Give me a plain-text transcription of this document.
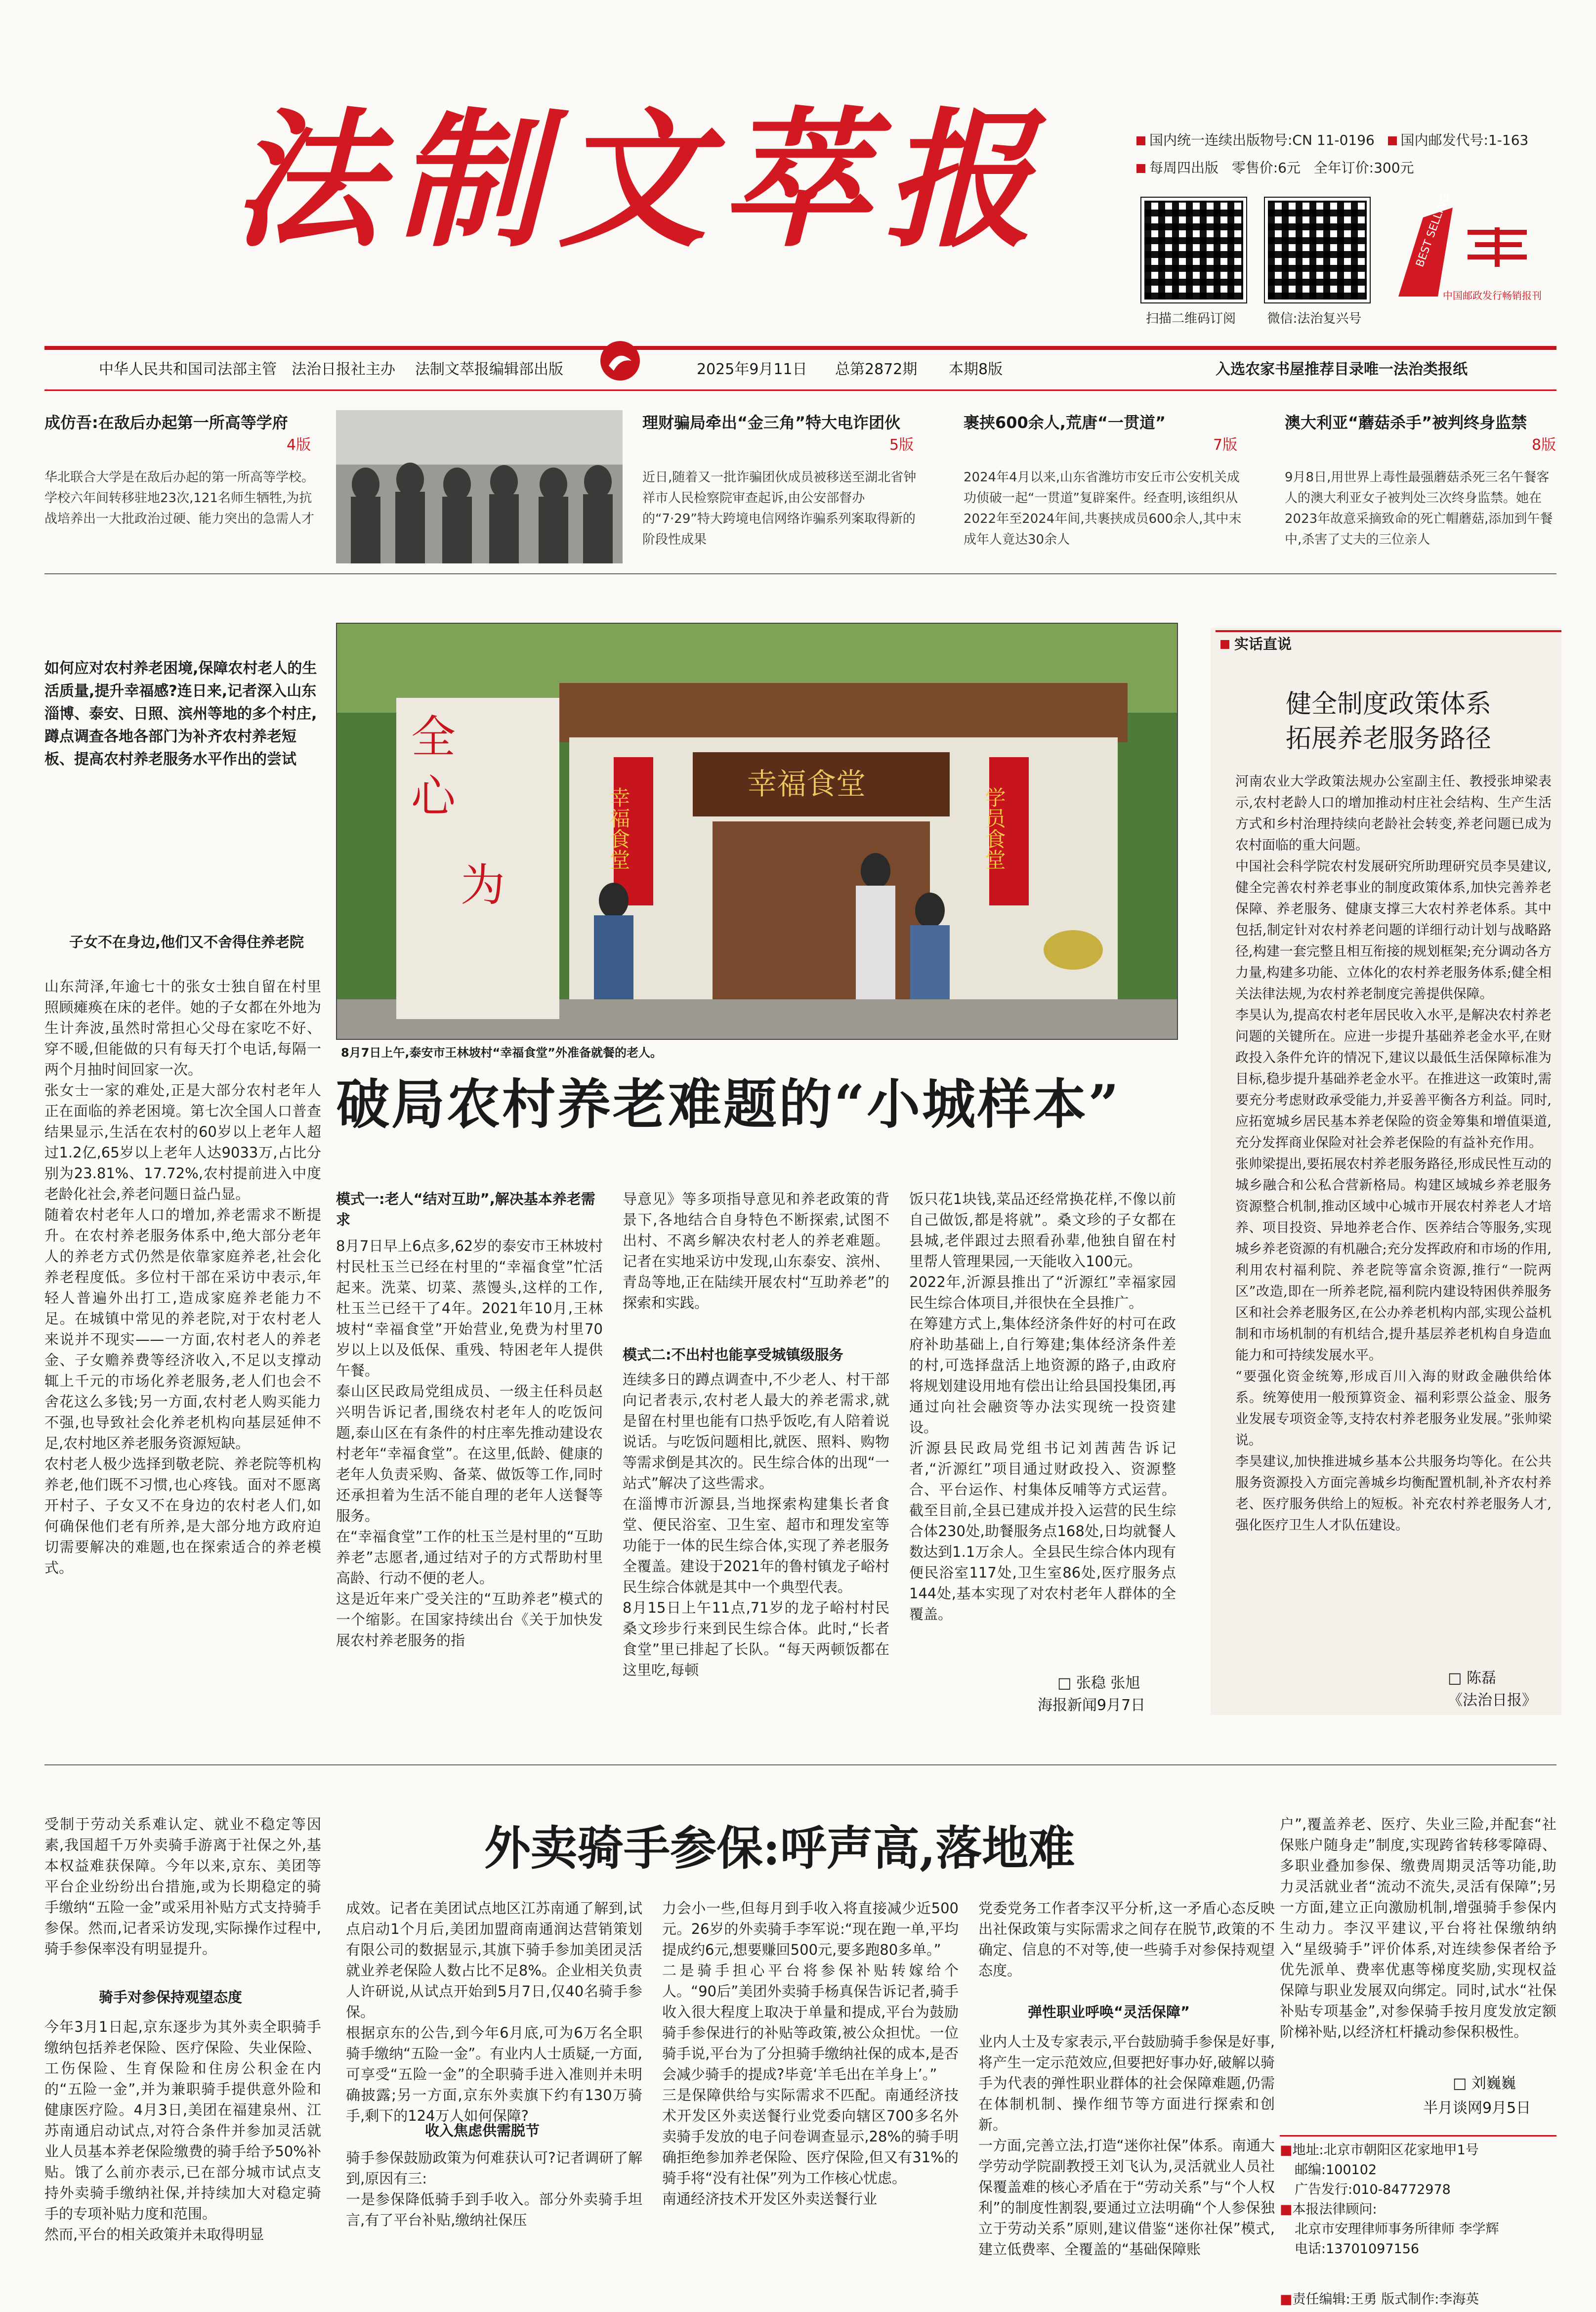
法制文萃报	国内统一连续出版物号:CN 11-0196 国内邮发代号:1-163
每周四出版 零售价:6元 全年订价:300元
扫描二维码订阅	微信:法治复兴号
BEST SELLING
中国邮政发行畅销报刊
中华人民共和国司法部主管 法治日报社主办 法制文萃报编辑部出版	2025年9月11日 总第2872期 本期8版	入选农家书屋推荐目录唯一法治类报纸
成仿吾:在敌后办起第一所高等学府
4版
华北联合大学是在敌后办起的第一所高等学校。学校六年间转移驻地23次,121名师生牺牲,为抗战培养出一大批政治过硬、能力突出的急需人才
理财骗局牵出“金三角”特大电诈团伙
5版
近日,随着又一批诈骗团伙成员被移送至湖北省钟祥市人民检察院审查起诉,由公安部督办的“7·29”特大跨境电信网络诈骗系列案取得新的阶段性成果
裹挟600余人,荒唐“一贯道”
7版
2024年4月以来,山东省潍坊市安丘市公安机关成功侦破一起“一贯道”复辟案件。经查明,该组织从2022年至2024年间,共裹挟成员600余人,其中末成年人竟达30余人
澳大利亚“蘑菇杀手”被判终身监禁
8版
9月8日,用世界上毒性最强蘑菇杀死三名午餐客人的澳大利亚女子被判处三次终身监禁。她在2023年故意采摘致命的死亡帽蘑菇,添加到午餐中,杀害了丈夫的三位亲人
如何应对农村养老困境,保障农村老人的生活质量,提升幸福感?连日来,记者深入山东淄博、泰安、日照、滨州等地的多个村庄,蹲点调查各地各部门为补齐农村养老短板、提高农村养老服务水平作出的尝试	全
心
为
幸福食堂
幸福食堂
学员食堂
8月7日上午,泰安市王林坡村“幸福食堂”外准备就餐的老人。
破局农村养老难题的“小城样本”
子女不在身边,他们又不舍得住养老院
山东菏泽,年逾七十的张女士独自留在村里照顾瘫痪在床的老伴。她的子女都在外地为生计奔波,虽然时常担心父母在家吃不好、穿不暖,但能做的只有每天打个电话,每隔一两个月抽时间回家一次。
张女士一家的难处,正是大部分农村老年人正在面临的养老困境。第七次全国人口普查结果显示,生活在农村的60岁以上老年人超过1.2亿,65岁以上老年人达9033万,占比分别为23.81%、17.72%,农村提前进入中度老龄化社会,养老问题日益凸显。
随着农村老年人口的增加,养老需求不断提升。在农村养老服务体系中,绝大部分老年人的养老方式仍然是依靠家庭养老,社会化养老程度低。多位村干部在采访中表示,年轻人普遍外出打工,造成家庭养老能力不足。在城镇中常见的养老院,对于农村老人来说并不现实——一方面,农村老人的养老金、子女赡养费等经济收入,不足以支撑动辄上千元的市场化养老服务,老人们也会不舍花这么多钱;另一方面,农村老人购买能力不强,也导致社会化养老机构向基层延伸不足,农村地区养老服务资源短缺。
农村老人极少选择到敬老院、养老院等机构养老,他们既不习惯,也心疼钱。面对不愿离开村子、子女又不在身边的农村老人们,如何确保他们老有所养,是大部分地方政府迫切需要解决的难题,也在探索适合的养老模式。
模式一:老人“结对互助”,解决基本养老需求
8月7日早上6点多,62岁的泰安市王林坡村村民杜玉兰已经在村里的“幸福食堂”忙活起来。洗菜、切菜、蒸馒头,这样的工作,杜玉兰已经干了4年。2021年10月,王林坡村“幸福食堂”开始营业,免费为村里70岁以上以及低保、重残、特困老年人提供午餐。
泰山区民政局党组成员、一级主任科员赵兴明告诉记者,围绕农村老年人的吃饭问题,泰山区在有条件的村庄率先推动建设农村老年“幸福食堂”。在这里,低龄、健康的老年人负责采购、备菜、做饭等工作,同时还承担着为生活不能自理的老年人送餐等服务。
在“幸福食堂”工作的杜玉兰是村里的“互助养老”志愿者,通过结对子的方式帮助村里高龄、行动不便的老人。
这是近年来广受关注的“互助养老”模式的一个缩影。在国家持续出台《关于加快发展农村养老服务的指
导意见》等多项指导意见和养老政策的背景下,各地结合自身特色不断探索,试图不出村、不离乡解决农村老人的养老难题。记者在实地采访中发现,山东泰安、滨州、青岛等地,正在陆续开展农村“互助养老”的探索和实践。
模式二:不出村也能享受城镇级服务
连续多日的蹲点调查中,不少老人、村干部向记者表示,农村老人最大的养老需求,就是留在村里也能有口热乎饭吃,有人陪着说说话。与吃饭问题相比,就医、照料、购物等需求倒是其次的。民生综合体的出现“一站式”解决了这些需求。
在淄博市沂源县,当地探索构建集长者食堂、便民浴室、卫生室、超市和理发室等功能于一体的民生综合体,实现了养老服务全覆盖。建设于2021年的鲁村镇龙子峪村民生综合体就是其中一个典型代表。
8月15日上午11点,71岁的龙子峪村村民桑文珍步行来到民生综合体。此时,“长者食堂”里已排起了长队。“每天两顿饭都在这里吃,每顿
饭只花1块钱,菜品还经常换花样,不像以前自己做饭,都是将就”。桑文珍的子女都在县城,老伴跟过去照看孙辈,他独自留在村里帮人管理果园,一天能收入100元。
2022年,沂源县推出了“沂源红”幸福家园民生综合体项目,并很快在全县推广。
在筹建方式上,集体经济条件好的村可在政府补助基础上,自行筹建;集体经济条件差的村,可选择盘活上地资源的路子,由政府将规划建设用地有偿出让给县国投集团,再通过向社会融资等办法实现统一投资建设。
沂源县民政局党组书记刘茜茜告诉记者,“沂源红”项目通过财政投入、资源整合、平台运作、村集体反哺等方式运营。截至目前,全县已建成并投入运营的民生综合体230处,助餐服务点168处,日均就餐人数达到1.1万余人。全县民生综合体内现有便民浴室117处,卫生室86处,医疗服务点144处,基本实现了对农村老年人群体的全覆盖。
□ 张稳 张旭
海报新闻9月7日
实话直说
健全制度政策体系
拓展养老服务路径
河南农业大学政策法规办公室副主任、教授张坤梁表示,农村老龄人口的增加推动村庄社会结构、生产生活方式和乡村治理持续向老龄社会转变,养老问题已成为农村面临的重大问题。
中国社会科学院农村发展研究所助理研究员李昊建议,健全完善农村养老事业的制度政策体系,加快完善养老保障、养老服务、健康支撑三大农村养老体系。其中包括,制定针对农村养老问题的详细行动计划与战略路径,构建一套完整且相互衔接的规划框架;充分调动各方力量,构建多功能、立体化的农村养老服务体系;健全相关法律法规,为农村养老制度完善提供保障。
李昊认为,提高农村老年居民收入水平,是解决农村养老问题的关键所在。应进一步提升基础养老金水平,在财政投入条件允许的情况下,建议以最低生活保障标准为目标,稳步提升基础养老金水平。在推进这一政策时,需要充分考虑财政承受能力,并妥善平衡各方利益。同时,应拓宽城乡居民基本养老保险的资金筹集和增值渠道,充分发挥商业保险对社会养老保险的有益补充作用。
张帅梁提出,要拓展农村养老服务路径,形成民性互动的城乡融合和公私合营新格局。构建区域城乡养老服务资源整合机制,推动区域中心城市开展农村养老人才培养、项目投资、异地养老合作、医养结合等服务,实现城乡养老资源的有机融合;充分发挥政府和市场的作用,利用农村福利院、养老院等富余资源,推行“一院两区”改造,即在一所养老院,福利院内建设特困供养服务区和社会养老服务区,在公办养老机构内部,实现公益机制和市场机制的有机结合,提升基层养老机构自身造血能力和可持续发展水平。
“要强化资金统筹,形成百川入海的财政金融供给体系。统筹使用一般预算资金、福利彩票公益金、服务业发展专项资金等,支持农村养老服务业发展。”张帅梁说。
李昊建议,加快推进城乡基本公共服务均等化。在公共服务资源投入方面完善城乡均衡配置机制,补齐农村养老、医疗服务供给上的短板。补充农村养老服务人才,强化医疗卫生人才队伍建设。
□ 陈磊
《法治日报》
外卖骑手参保:呼声高,落地难
受制于劳动关系难认定、就业不稳定等因素,我国超千万外卖骑手游离于社保之外,基本权益难获保障。今年以来,京东、美团等平台企业纷纷出台措施,或为长期稳定的骑手缴纳“五险一金”或采用补贴方式支持骑手参保。然而,记者采访发现,实际操作过程中,骑手参保率没有明显提升。
骑手对参保持观望态度
今年3月1日起,京东逐步为其外卖全职骑手缴纳包括养老保险、医疗保险、失业保险、工伤保险、生育保险和住房公积金在内的“五险一金”,并为兼职骑手提供意外险和健康医疗险。4月3日,美团在福建泉州、江苏南通启动试点,对符合条件并参加灵活就业人员基本养老保险缴费的骑手给予50%补贴。饿了么前亦表示,已在部分城市试点支持外卖骑手缴纳社保,并持续加大对稳定骑手的专项补贴力度和范围。
然而,平台的相关政策并未取得明显
成效。记者在美团试点地区江苏南通了解到,试点启动1个月后,美团加盟商南通润达营销策划有限公司的数据显示,其旗下骑手参加美团灵活就业养老保险人数占比不足8%。企业相关负责人许研说,从试点开始到5月7日,仅40名骑手参保。
根据京东的公告,到今年6月底,可为6万名全职骑手缴纳“五险一金”。有业内人士质疑,一方面,可享受“五险一金”的全职骑手进入准则并未明确披露;另一方面,京东外卖旗下约有130万骑手,剩下的124万人如何保障?
收入焦虑供需脱节
骑手参保鼓励政策为何难获认可?记者调研了解到,原因有三:
一是参保降低骑手到手收入。部分外卖骑手坦言,有了平台补贴,缴纳社保压
力会小一些,但每月到手收入将直接减少近500元。26岁的外卖骑手李军说:“现在跑一单,平均提成约6元,想要赚回500元,要多跑80多单。”
二是骑手担心平台将参保补贴转嫁给个人。“90后”美团外卖骑手杨真保告诉记者,骑手收入很大程度上取决于单量和提成,平台为鼓励骑手参保进行的补贴等政策,被公众担忧。一位骑手说,平台为了分担骑手缴纳社保的成本,是否会减少骑手的提成?毕竟‘羊毛出在羊身上’。”
三是保障供给与实际需求不匹配。南通经济技术开发区外卖送餐行业党委向辖区700多名外卖骑手发放的电子问卷调查显示,28%的骑手明确拒绝参加养老保险、医疗保险,但又有31%的骑手将“没有社保”列为工作核心忧虑。
南通经济技术开发区外卖送餐行业
党委党务工作者李汉平分析,这一矛盾心态反映出社保政策与实际需求之间存在脱节,政策的不确定、信息的不对等,使一些骑手对参保持观望态度。
弹性职业呼唤“灵活保障”
业内人士及专家表示,平台鼓励骑手参保是好事,将产生一定示范效应,但要把好事办好,破解以骑手为代表的弹性职业群体的社会保障难题,仍需在体制机制、操作细节等方面进行探索和创新。
一方面,完善立法,打造“迷你社保”体系。南通大学劳动学院副教授王刘飞认为,灵活就业人员社保覆盖难的核心矛盾在于“劳动关系”与“个人权利”的制度性割裂,要通过立法明确“个人参保独立于劳动关系”原则,建议借鉴“迷你社保”模式,建立低费率、全覆盖的“基础保障账
户”,覆盖养老、医疗、失业三险,并配套“社保账户随身走”制度,实现跨省转移零障碍、多职业叠加参保、缴费周期灵活等功能,助力灵活就业者“流动不流失,灵活有保障”;另一方面,建立正向激励机制,增强骑手参保内生动力。李汉平建议,平台将社保缴纳纳入“星级骑手”评价体系,对连续参保者给予优先派单、费率优惠等梯度奖励,实现权益保障与职业发展双向绑定。同时,试水“社保补贴专项基金”,对参保骑手按月度发放定额阶梯补贴,以经济杠杆撬动参保积极性。
□ 刘巍巍
半月谈网9月5日
■地址:北京市朝阳区花家地甲1号
邮编:100102
广告发行:010-84772978
■本报法律顾问:
北京市安理律师事务所律师 李学辉
电话:13701097156
■责任编辑:王勇 版式制作:李海英
